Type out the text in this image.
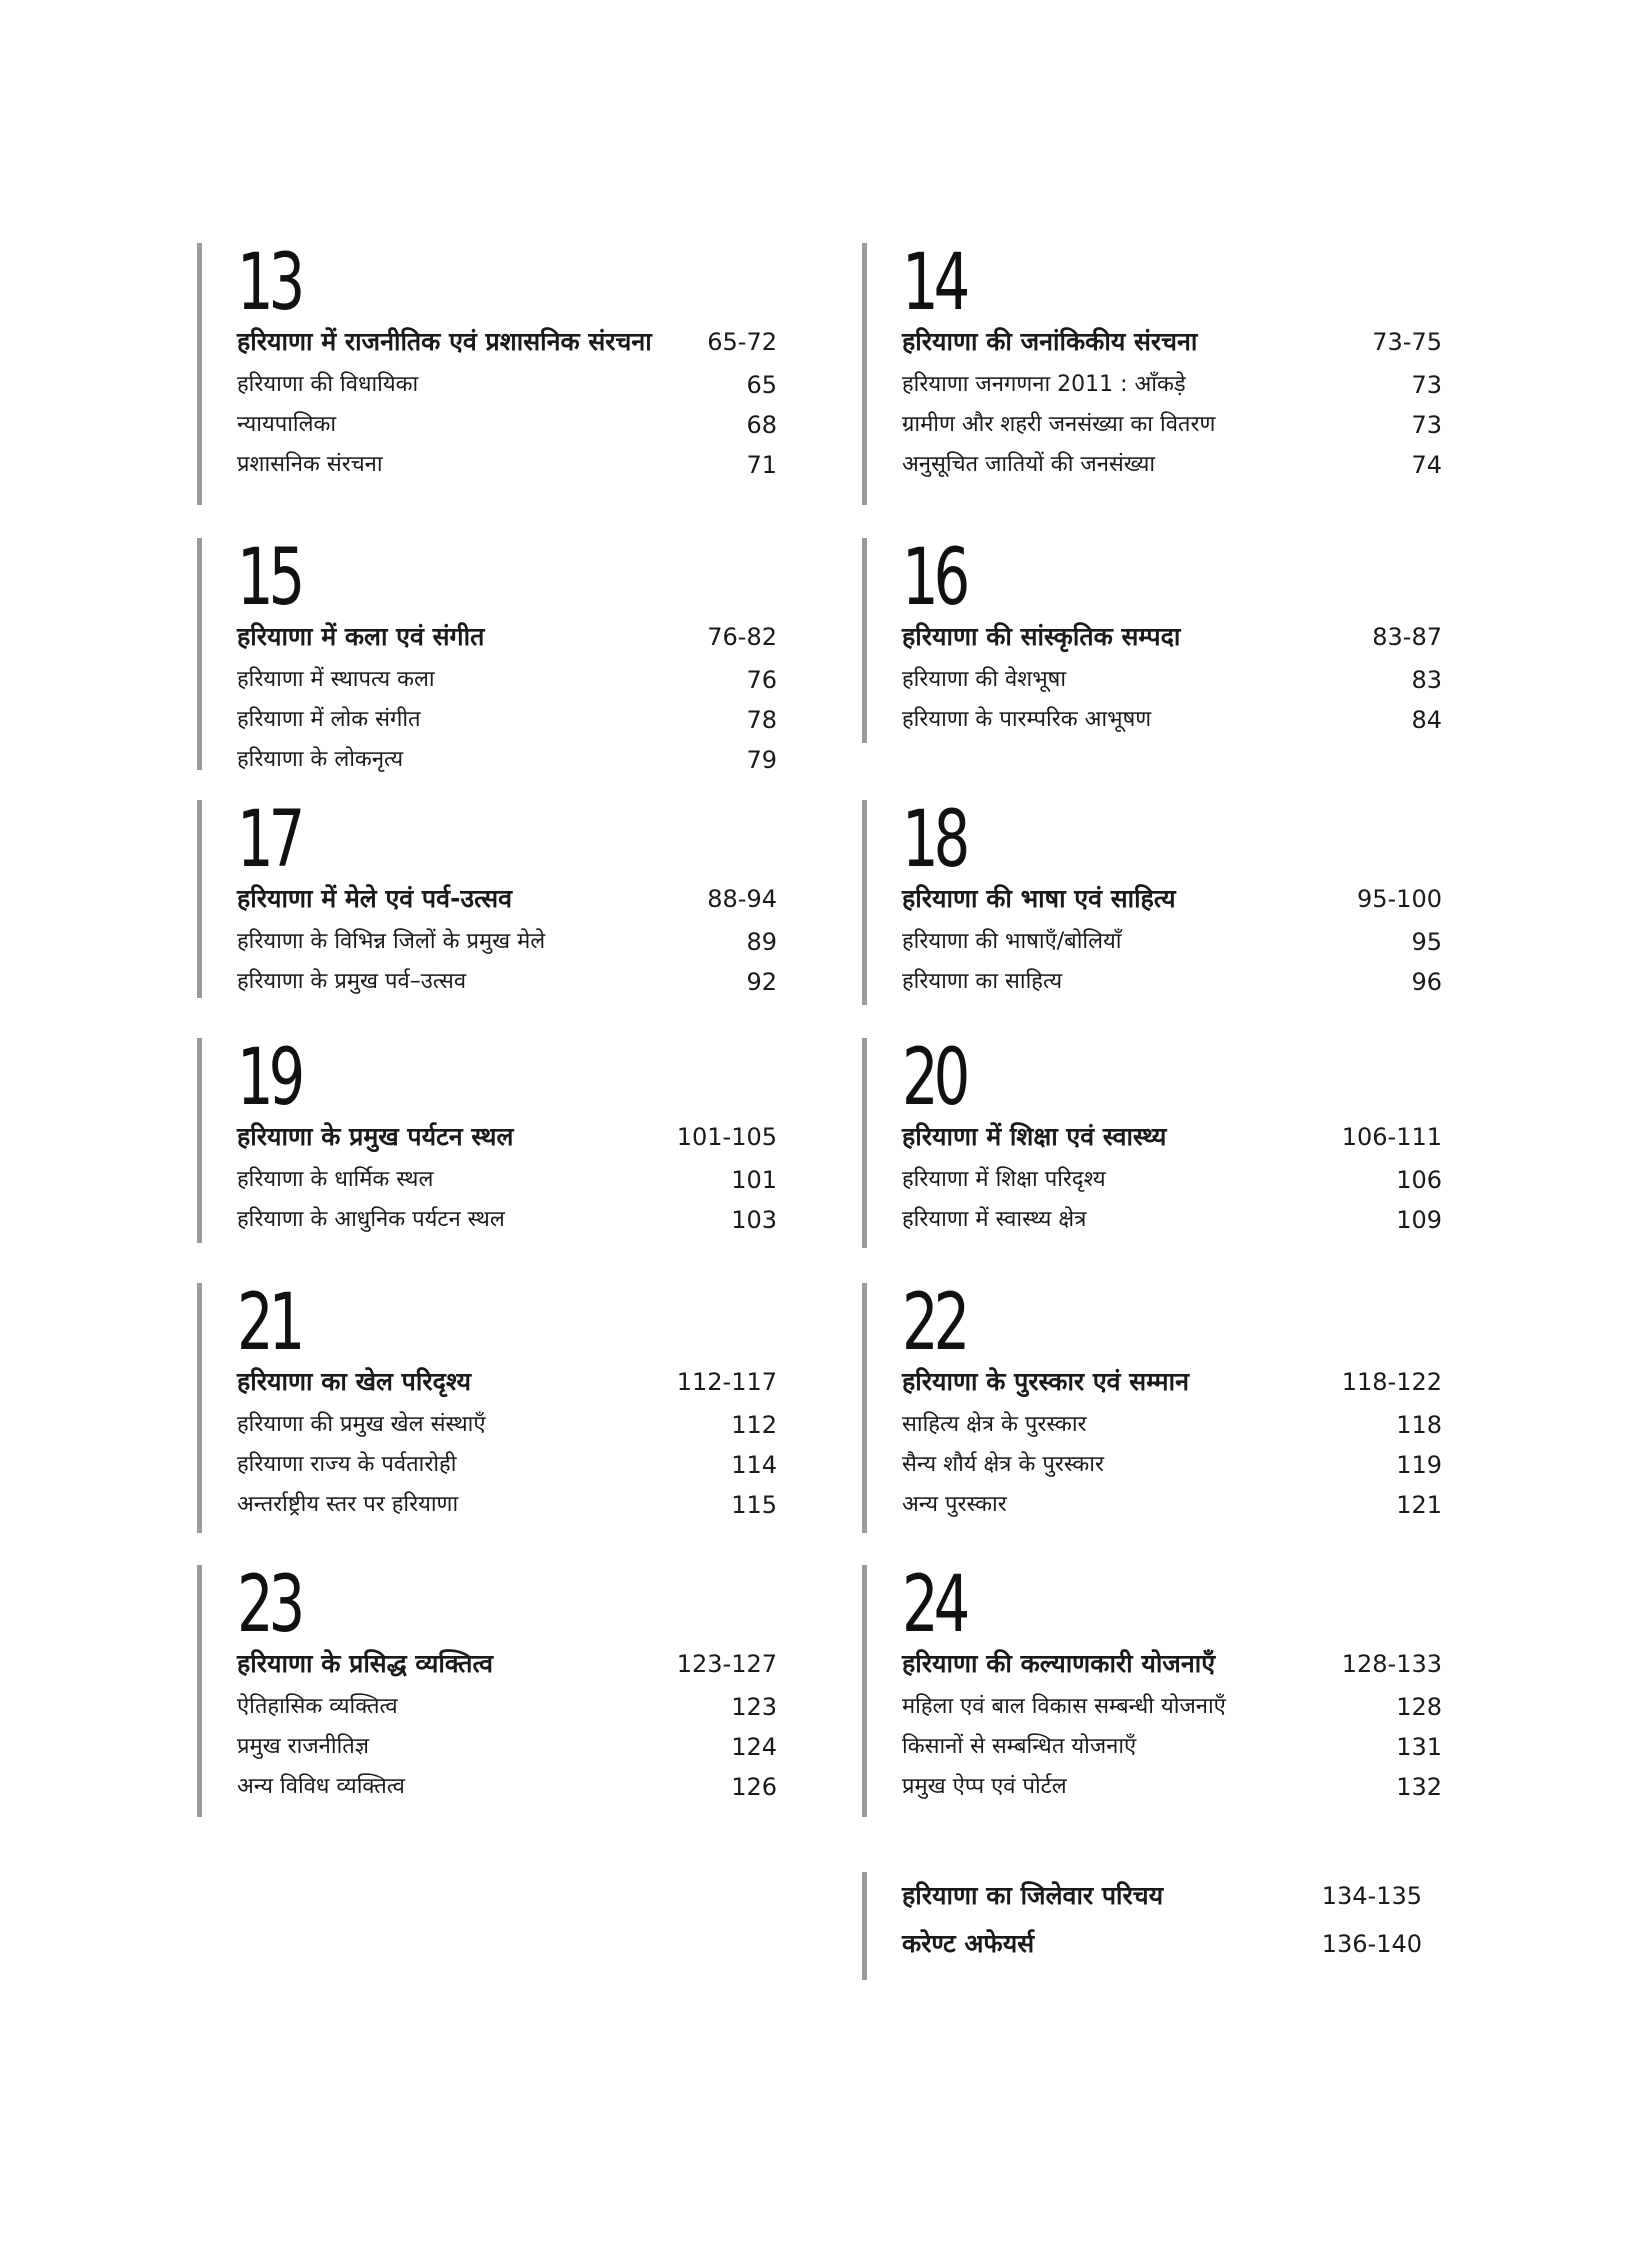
13
हरियाणा में राजनीतिक एवं प्रशासनिक संरचना	65-72
हरियाणा की विधायिका	65
न्यायपालिका	68
प्रशासनिक संरचना	71
14
हरियाणा की जनांकिकीय संरचना	73-75
हरियाणा जनगणना 2011 : आँकड़े	73
ग्रामीण और शहरी जनसंख्या का वितरण	73
अनुसूचित जातियों की जनसंख्या	74
15
हरियाणा में कला एवं संगीत	76-82
हरियाणा में स्थापत्य कला	76
हरियाणा में लोक संगीत	78
हरियाणा के लोकनृत्य	79
16
हरियाणा की सांस्कृतिक सम्पदा	83-87
हरियाणा की वेशभूषा	83
हरियाणा के पारम्परिक आभूषण	84
17
हरियाणा में मेले एवं पर्व-उत्सव	88-94
हरियाणा के विभिन्न जिलों के प्रमुख मेले	89
हरियाणा के प्रमुख पर्व–उत्सव	92
18
हरियाणा की भाषा एवं साहित्य	95-100
हरियाणा की भाषाएँ/बोलियाँ	95
हरियाणा का साहित्य	96
19
हरियाणा के प्रमुख पर्यटन स्थल	101-105
हरियाणा के धार्मिक स्थल	101
हरियाणा के आधुनिक पर्यटन स्थल	103
20
हरियाणा में शिक्षा एवं स्वास्थ्य	106-111
हरियाणा में शिक्षा परिदृश्य	106
हरियाणा में स्वास्थ्य क्षेत्र	109
21
हरियाणा का खेल परिदृश्य	112-117
हरियाणा की प्रमुख खेल संस्थाएँ	112
हरियाणा राज्य के पर्वतारोही	114
अन्तर्राष्ट्रीय स्तर पर हरियाणा	115
22
हरियाणा के पुरस्कार एवं सम्मान	118-122
साहित्य क्षेत्र के पुरस्कार	118
सैन्य शौर्य क्षेत्र के पुरस्कार	119
अन्य पुरस्कार	121
23
हरियाणा के प्रसिद्ध व्यक्तित्व	123-127
ऐतिहासिक व्यक्तित्व	123
प्रमुख राजनीतिज्ञ	124
अन्य विविध व्यक्तित्व	126
24
हरियाणा की कल्याणकारी योजनाएँ	128-133
महिला एवं बाल विकास सम्बन्धी योजनाएँ	128
किसानों से सम्बन्धित योजनाएँ	131
प्रमुख ऐप्प एवं पोर्टल	132
हरियाणा का जिलेवार परिचय	134-135
करेण्ट अफेयर्स	136-140
